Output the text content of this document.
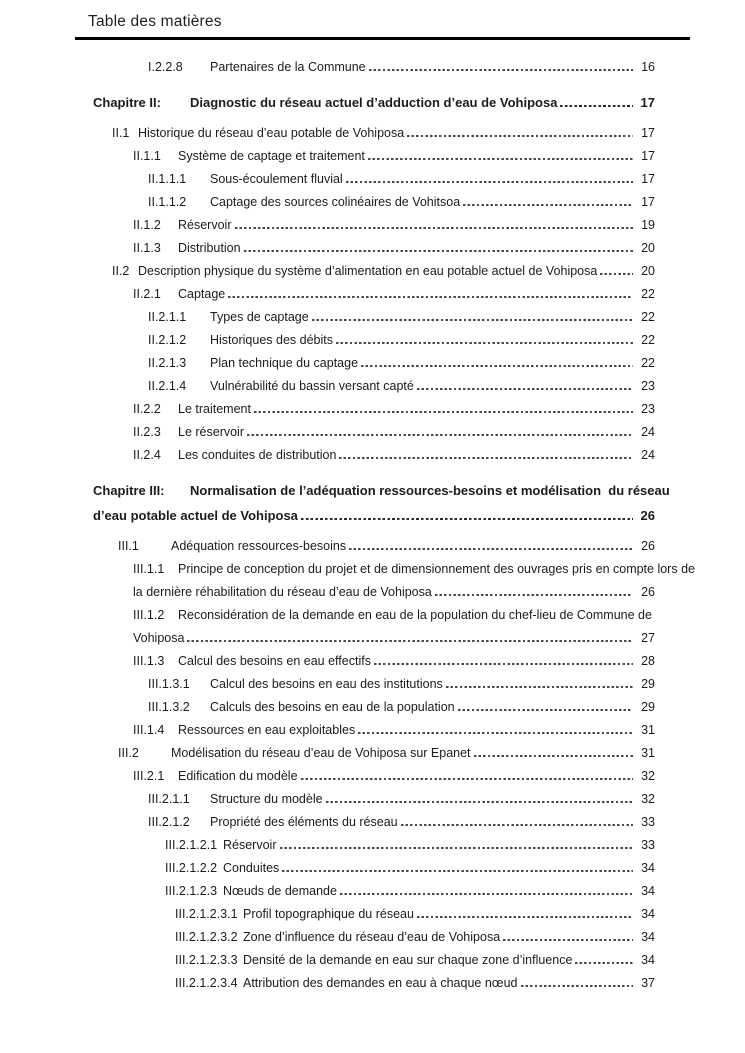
Table des matières
I.2.2.8	Partenaires de la Commune	16
Chapitre II:	Diagnostic du réseau actuel d’adduction d’eau de Vohiposa	17
II.1 Historique du réseau d’eau potable de Vohiposa	17
II.1.1	Système de captage et traitement	17
II.1.1.1	Sous-écoulement fluvial	17
II.1.1.2	Captage des sources colinéaires de Vohitsoa	17
II.1.2	Réservoir	19
II.1.3	Distribution	20
II.2 Description physique du système d’alimentation en eau potable actuel de Vohiposa	20
II.2.1	Captage	22
II.2.1.1	Types de captage	22
II.2.1.2	Historiques des débits	22
II.2.1.3	Plan technique du captage	22
II.2.1.4	Vulnérabilité du bassin versant capté	23
II.2.2	Le traitement	23
II.2.3	Le réservoir	24
II.2.4	Les conduites de distribution	24
Chapitre III:	Normalisation de l’adéquation ressources-besoins et modélisation  du réseau
d’eau potable actuel de Vohiposa	26
III.1	Adéquation ressources-besoins	26
III.1.1	Principe de conception du projet et de dimensionnement des ouvrages pris en compte lors de
la dernière réhabilitation du réseau d’eau de Vohiposa	26
III.1.2	Reconsidération de la demande en eau de la population du chef-lieu de Commune de
Vohiposa	27
III.1.3	Calcul des besoins en eau effectifs	28
III.1.3.1	Calcul des besoins en eau des institutions	29
III.1.3.2	Calculs des besoins en eau de la population	29
III.1.4	Ressources en eau exploitables	31
III.2	Modélisation du réseau d’eau de Vohiposa sur Epanet	31
III.2.1	Edification du modèle	32
III.2.1.1	Structure du modèle	32
III.2.1.2	Propriété des éléments du réseau	33
III.2.1.2.1 Réservoir	33
III.2.1.2.2 Conduites	34
III.2.1.2.3 Nœuds de demande	34
III.2.1.2.3.1 Profil topographique du réseau	34
III.2.1.2.3.2 Zone d’influence du réseau d’eau de Vohiposa	34
III.2.1.2.3.3 Densité de la demande en eau sur chaque zone d’influence	34
III.2.1.2.3.4 Attribution des demandes en eau à chaque nœud	37
